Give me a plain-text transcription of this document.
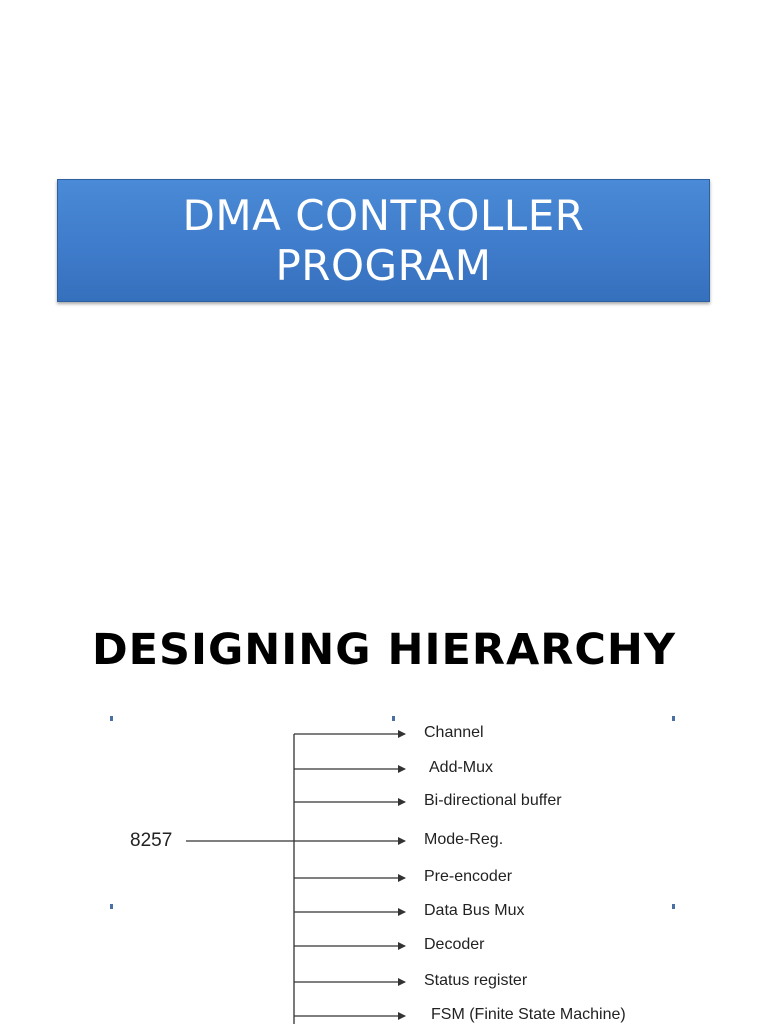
DMA CONTROLLER
PROGRAM
DESIGNING HIERARCHY
8257
Channel
Add-Mux
Bi-directional buffer
Mode-Reg.
Pre-encoder
Data Bus Mux
Decoder
Status register
FSM (Finite State Machine)
